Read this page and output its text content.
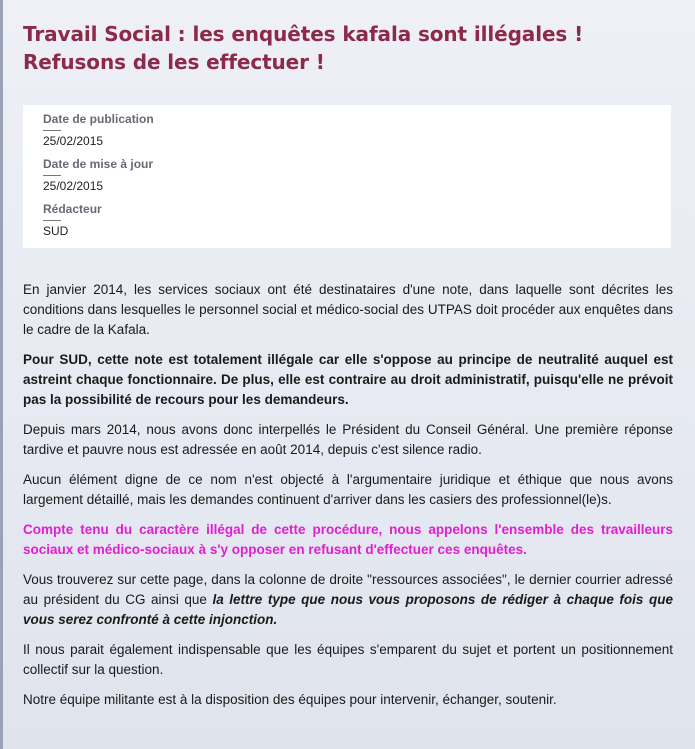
Travail Social : les enquêtes kafala sont illégales ! Refusons de les effectuer !
Date de publication
25/02/2015
Date de mise à jour
25/02/2015
Rédacteur
SUD

En janvier 2014, les services sociaux ont été destinataires d'une note, dans laquelle sont décrites les conditions dans lesquelles le personnel social et médico-social des UTPAS doit procéder aux enquêtes dans le cadre de la Kafala.

Pour SUD, cette note est totalement illégale car elle s'oppose au principe de neutralité auquel est astreint chaque fonctionnaire. De plus, elle est contraire au droit administratif, puisqu'elle ne prévoit pas la possibilité de recours pour les demandeurs.

Depuis mars 2014, nous avons donc interpellés le Président du Conseil Général. Une première réponse tardive et pauvre nous est adressée en août 2014, depuis c'est silence radio.

Aucun élément digne de ce nom n'est objecté à l'argumentaire juridique et éthique que nous avons largement détaillé, mais les demandes continuent d'arriver dans les casiers des professionnel(le)s.

Compte tenu du caractère illégal de cette procédure, nous appelons l'ensemble des travailleurs sociaux et médico-sociaux à s'y opposer en refusant d'effectuer ces enquêtes.

Vous trouverez sur cette page, dans la colonne de droite "ressources associées", le dernier courrier adressé au président du CG ainsi que la lettre type que nous vous proposons de rédiger à chaque fois que vous serez confronté à cette injonction.

Il nous parait également indispensable que les équipes s'emparent du sujet et portent un positionnement collectif sur la question.

Notre équipe militante est à la disposition des équipes pour intervenir, échanger, soutenir.
